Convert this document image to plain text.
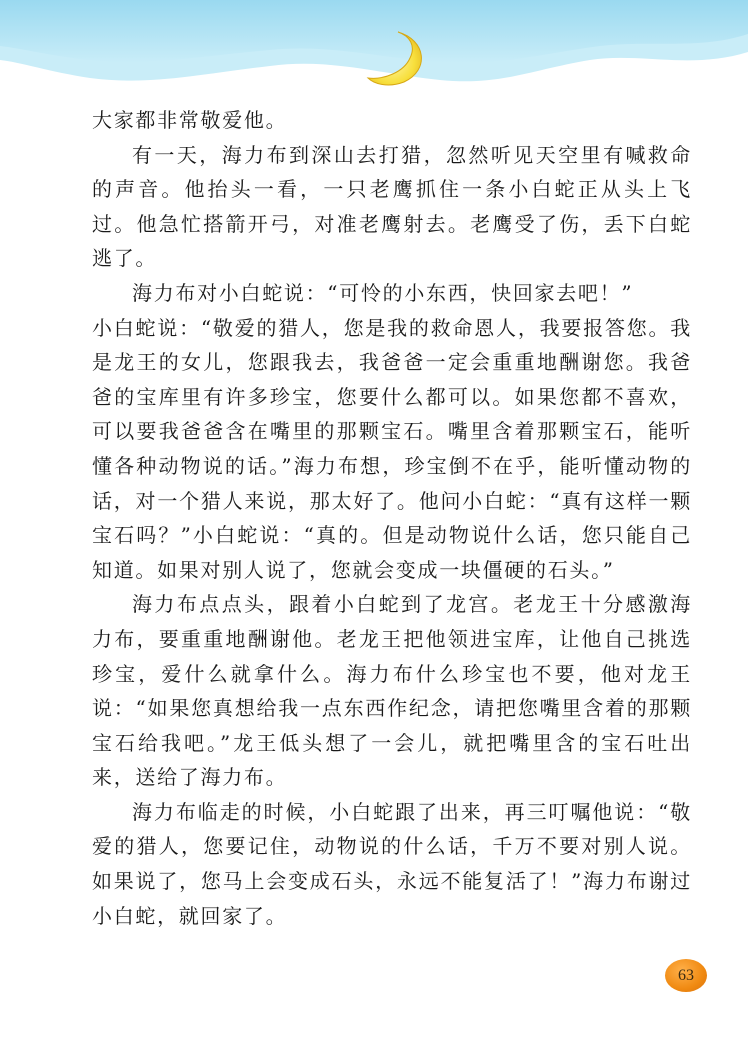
大家都非常敬爱他。

有一天，海力布到深山去打猎，忽然听见天空里有喊救命的声音。他抬头一看，一只老鹰抓住一条小白蛇正从头上飞过。他急忙搭箭开弓，对准老鹰射去。老鹰受了伤，丢下白蛇逃了。

海力布对小白蛇说：“可怜的小东西，快回家去吧！”

小白蛇说：“敬爱的猎人，您是我的救命恩人，我要报答您。我是龙王的女儿，您跟我去，我爸爸一定会重重地酬谢您。我爸爸的宝库里有许多珍宝，您要什么都可以。如果您都不喜欢，可以要我爸爸含在嘴里的那颗宝石。嘴里含着那颗宝石，能听懂各种动物说的话。”海力布想，珍宝倒不在乎，能听懂动物的话，对一个猎人来说，那太好了。他问小白蛇：“真有这样一颗宝石吗？”小白蛇说：“真的。但是动物说什么话，您只能自己知道。如果对别人说了，您就会变成一块僵硬的石头。”

海力布点点头，跟着小白蛇到了龙宫。老龙王十分感激海力布，要重重地酬谢他。老龙王把他领进宝库，让他自己挑选珍宝，爱什么就拿什么。海力布什么珍宝也不要，他对龙王说：“如果您真想给我一点东西作纪念，请把您嘴里含着的那颗宝石给我吧。”龙王低头想了一会儿，就把嘴里含的宝石吐出来，送给了海力布。

海力布临走的时候，小白蛇跟了出来，再三叮嘱他说：“敬爱的猎人，您要记住，动物说的什么话，千万不要对别人说。如果说了，您马上会变成石头，永远不能复活了！”海力布谢过小白蛇，就回家了。

63
